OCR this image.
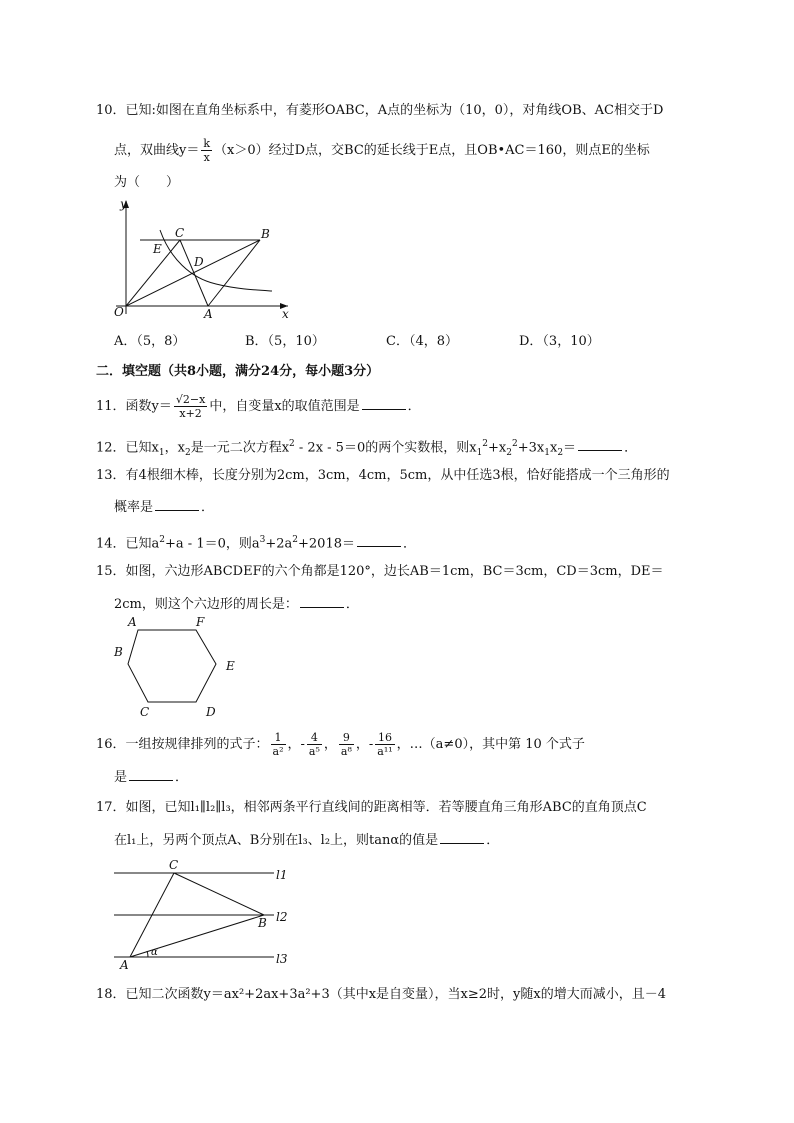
10．已知:如图在直角坐标系中，有菱形OABC，A点的坐标为（10，0），对角线OB、AC相交于D
点，双曲线$y= \frac{k}{x} (x>0)$经过D点，交BC的延长线于E点，且OB•AC＝160，则点E的坐标
为（　　）
y
x
O	A
B
C
D
E
A．（5，8）	B．（5，10）	C．（4，8）	D．（3，10）
二．填空题（共8小题，满分24分，每小题3分）
11．函数$y= \frac{√2-x}{x+2}$ 中，自变量x的取值范围是	．
12．已知$x_1$，$x_2$是一元二次方程$x^2 - 2x - 5=0$的两个实数根，则$x_1^2+x_2^2+3x_1x_2=$	．
13．有4根细木棒，长度分别为2cm，3cm，4cm，5cm，从中任选3根，恰好能搭成一个三角形的
概率是	．
14．已知$a^2+a - 1=0$，则$a^3+2a^2+2018=$	．
15．如图，六边形ABCDEF的六个角都是120°，边长AB＝1cm，BC＝3cm，CD＝3cm，DE＝
2cm，则这个六边形的周长是：	．
A	F
B
E
C	D
16．一组按规律排列的式子： $\frac{1}{\text{a²}}$ ，- $\frac{4}{\text{a⁵}}$ ， $\frac{9}{\text{a⁸}}$ ，- $\frac{16}{\text{a¹¹}}$ ，…（a≠0），其中第 10 个式子
是	．
17．如图，已知l₁∥l₂∥l₃，相邻两条平行直线间的距离相等．若等腰直角三角形ABC的直角顶点C
在l₁上，另两个顶点A、B分别在l₃、l₂上，则tanα的值是	．
C
B
A
α
l1
l2
l3
18．已知二次函数y＝ax²+2ax+3a²+3（其中x是自变量），当x≥2时，y随x的增大而减小，且－4
